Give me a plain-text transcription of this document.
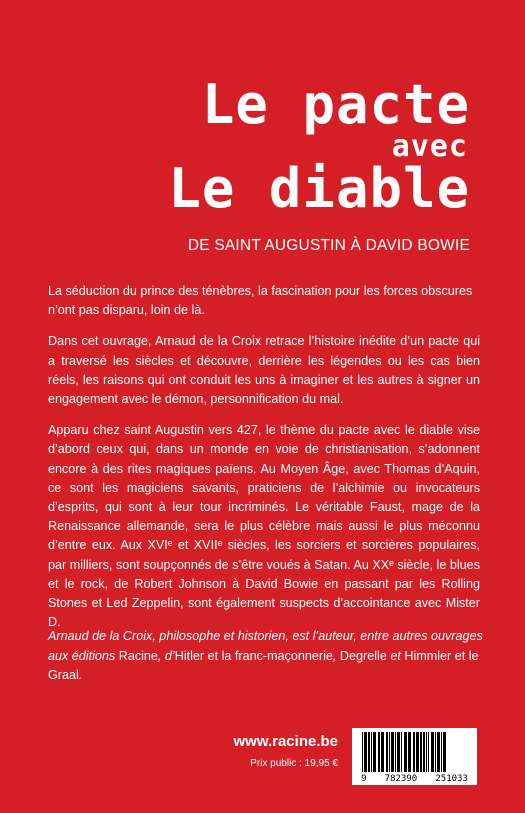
Le pacte
avec
Le diable
DE SAINT AUGUSTIN À DAVID BOWIE

La séduction du prince des ténèbres, la fascination pour les forces obscures n’ont pas disparu, loin de là.

Dans cet ouvrage, Arnaud de la Croix retrace l’histoire inédite d’un pacte qui a traversé les siècles et découvre, derrière les légendes ou les cas bien réels, les raisons qui ont conduit les uns à imaginer et les autres à signer un engagement avec le démon, personnification du mal.

Apparu chez saint Augustin vers 427, le thème du pacte avec le diable vise d’abord ceux qui, dans un monde en voie de christianisation, s’adonnent encore à des rites magiques païens. Au Moyen Âge, avec Thomas d’Aquin, ce sont les magiciens savants, praticiens de l’alchimie ou invocateurs d’esprits, qui sont à leur tour incriminés. Le véritable Faust, mage de la Renaissance allemande, sera le plus célèbre mais aussi le plus méconnu d’entre eux. Aux XVIᵉ et XVIIᵉ siècles, les sorciers et sorcières populaires, par milliers, sont soupçonnés de s’être voués à Satan. Au XXᵉ siècle, le blues et le rock, de Robert Johnson à David Bowie en passant par les Rolling Stones et Led Zeppelin, sont également suspects d’accointance avec Mister D.

Arnaud de la Croix, philosophe et historien, est l’auteur, entre autres ouvrages aux éditions Racine, d’Hitler et la franc-maçonnerie, Degrelle et Himmler et le Graal.
www.racine.be
Prix public : 19,95 €
9 782390 251033
